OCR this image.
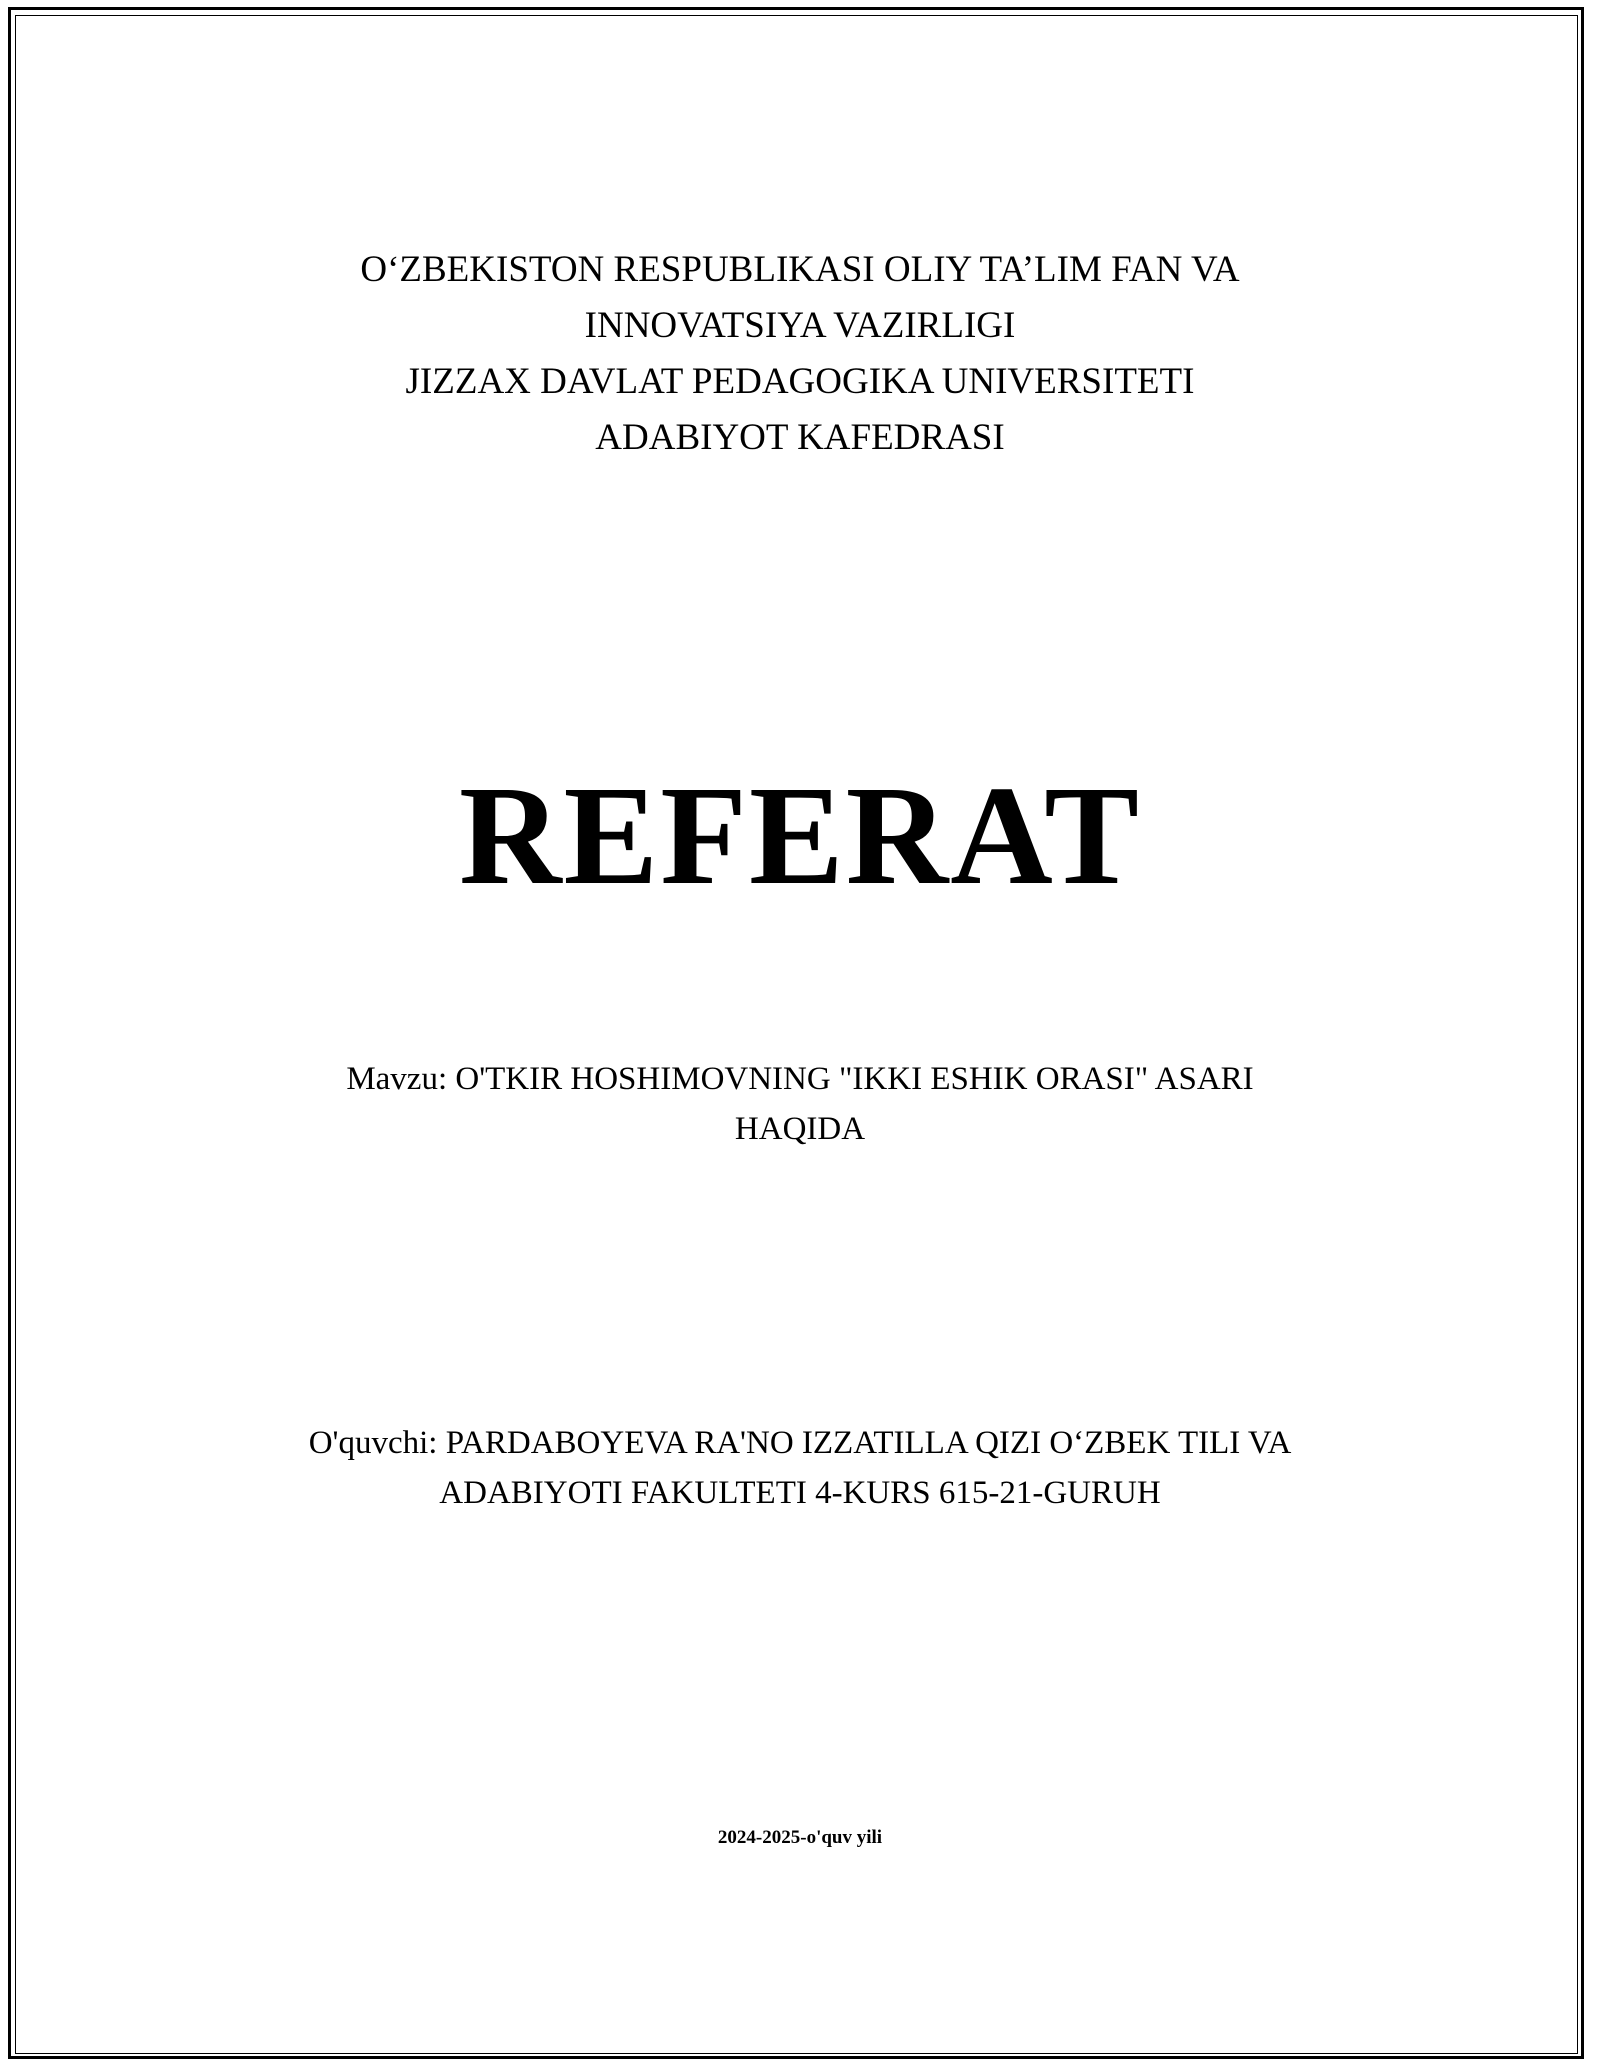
O‘ZBEKISTON RESPUBLIKASI OLIY TA’LIM FAN VA
INNOVATSIYA VAZIRLIGI
JIZZAX DAVLAT PEDAGOGIKA UNIVERSITETI
ADABIYOT KAFEDRASI
REFERAT
Mavzu: O'TKIR HOSHIMOVNING "IKKI ESHIK ORASI" ASARI
HAQIDA
O'quvchi: PARDABOYEVA RA'NO IZZATILLA QIZI O‘ZBEK TILI VA
ADABIYOTI FAKULTETI 4-KURS 615-21-GURUH
2024-2025-o'quv yili
